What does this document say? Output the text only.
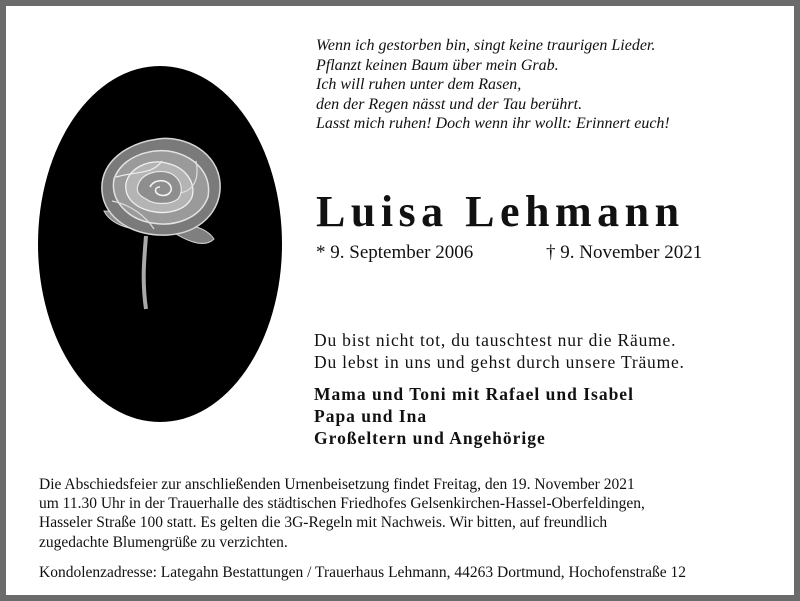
Wenn ich gestorben bin, singt keine traurigen Lieder.
Pflanzt keinen Baum über mein Grab.
Ich will ruhen unter dem Rasen,
den der Regen nässt und der Tau berührt.
Lasst mich ruhen! Doch wenn ihr wollt: Erinnert euch!
Luisa Lehmann
* 9. September 2006	† 9. November 2021
Du bist nicht tot, du tauschtest nur die Räume.
Du lebst in uns und gehst durch unsere Träume.
Mama und Toni mit Rafael und Isabel
Papa und Ina
Großeltern und Angehörige
Die Abschiedsfeier zur anschließenden Urnenbeisetzung findet Freitag, den 19. November 2021
um 11.30 Uhr in der Trauerhalle des städtischen Friedhofes Gelsenkirchen-Hassel-Oberfeldingen,
Hasseler Straße 100 statt. Es gelten die 3G-Regeln mit Nachweis. Wir bitten, auf freundlich
zugedachte Blumengrüße zu verzichten.
Kondolenzadresse: Lategahn Bestattungen / Trauerhaus Lehmann, 44263 Dortmund, Hochofenstraße 12
